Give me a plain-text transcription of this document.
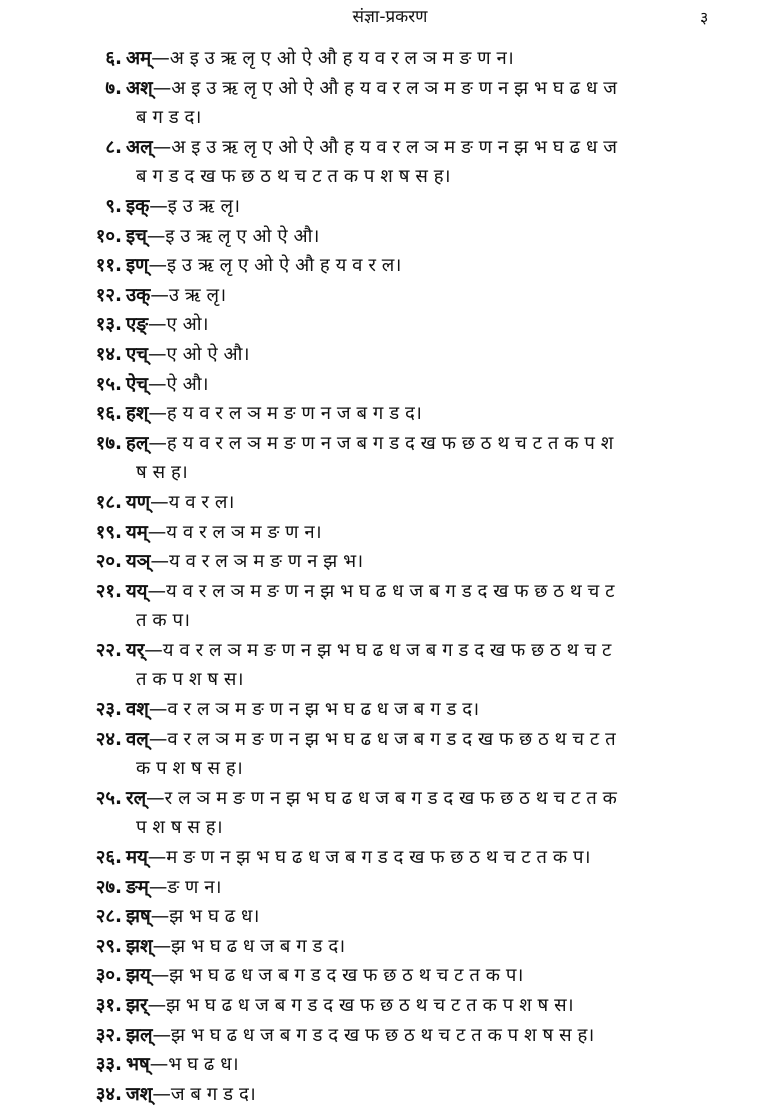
संज्ञा-प्रकरण	३
६. अम्—अ इ उ ऋ लृ ए ओ ऐ औ ह य व र ल ञ म ङ ण न।
७. अश्—अ इ उ ऋ लृ ए ओ ऐ औ ह य व र ल ञ म ङ ण न झ भ घ ढ ध ज
ब ग ड द।
८. अल्—अ इ उ ऋ लृ ए ओ ऐ औ ह य व र ल ञ म ङ ण न झ भ घ ढ ध ज
ब ग ड द ख फ छ ठ थ च ट त क प श ष स ह।
९. इक्—इ उ ऋ लृ।
१०. इच्—इ उ ऋ लृ ए ओ ऐ औ।
११. इण्—इ उ ऋ लृ ए ओ ऐ औ ह य व र ल।
१२. उक्—उ ऋ लृ।
१३. एङ्—ए ओ।
१४. एच्—ए ओ ऐ औ।
१५. ऐच्—ऐ औ।
१६. हश्—ह य व र ल ञ म ङ ण न ज ब ग ड द।
१७. हल्—ह य व र ल ञ म ङ ण न ज ब ग ड द ख फ छ ठ थ च ट त क प श
ष स ह।
१८. यण्—य व र ल।
१९. यम्—य व र ल ञ म ङ ण न।
२०. यञ्—य व र ल ञ म ङ ण न झ भ।
२१. यय्—य व र ल ञ म ङ ण न झ भ घ ढ ध ज ब ग ड द ख फ छ ठ थ च ट
त क प।
२२. यर्—य व र ल ञ म ङ ण न झ भ घ ढ ध ज ब ग ड द ख फ छ ठ थ च ट
त क प श ष स।
२३. वश्—व र ल ञ म ङ ण न झ भ घ ढ ध ज ब ग ड द।
२४. वल्—व र ल ञ म ङ ण न झ भ घ ढ ध ज ब ग ड द ख फ छ ठ थ च ट त
क प श ष स ह।
२५. रल्—र ल ञ म ङ ण न झ भ घ ढ ध ज ब ग ड द ख फ छ ठ थ च ट त क
प श ष स ह।
२६. मय्—म ङ ण न झ भ घ ढ ध ज ब ग ड द ख फ छ ठ थ च ट त क प।
२७. ङम्—ङ ण न।
२८. झष्—झ भ घ ढ ध।
२९. झश्—झ भ घ ढ ध ज ब ग ड द।
३०. झय्—झ भ घ ढ ध ज ब ग ड द ख फ छ ठ थ च ट त क प।
३१. झर्—झ भ घ ढ ध ज ब ग ड द ख फ छ ठ थ च ट त क प श ष स।
३२. झल्—झ भ घ ढ ध ज ब ग ड द ख फ छ ठ थ च ट त क प श ष स ह।
३३. भष्—भ घ ढ ध।
३४. जश्—ज ब ग ड द।
